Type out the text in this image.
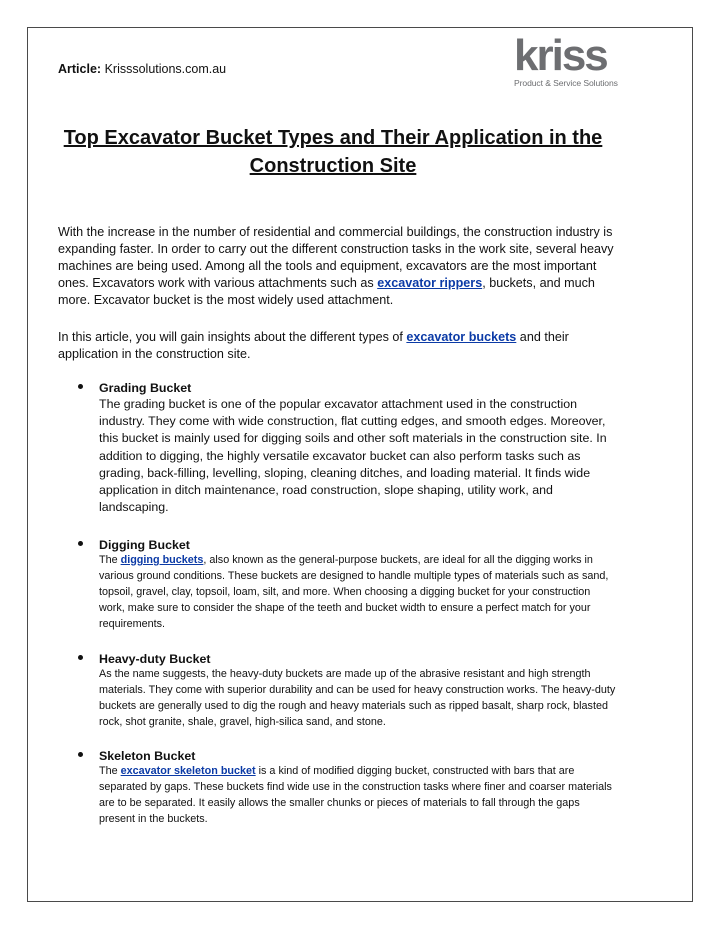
Article: Krisssolutions.com.au	kriss
Product & Service Solutions
Top Excavator Bucket Types and Their Application in the Construction Site

With the increase in the number of residential and commercial buildings, the construction industry is expanding faster. In order to carry out the different construction tasks in the work site, several heavy machines are being used. Among all the tools and equipment, excavators are the most important ones. Excavators work with various attachments such as excavator rippers, buckets, and much more. Excavator bucket is the most widely used attachment.

In this article, you will gain insights about the different types of excavator buckets and their application in the construction site.

Grading Bucket
The grading bucket is one of the popular excavator attachment used in the construction industry. They come with wide construction, flat cutting edges, and smooth edges. Moreover, this bucket is mainly used for digging soils and other soft materials in the construction site. In addition to digging, the highly versatile excavator bucket can also perform tasks such as grading, back-filling, levelling, sloping, cleaning ditches, and loading material. It finds wide application in ditch maintenance, road construction, slope shaping, utility work, and landscaping.
Digging Bucket
The digging buckets, also known as the general-purpose buckets, are ideal for all the digging works in various ground conditions. These buckets are designed to handle multiple types of materials such as sand, topsoil, gravel, clay, topsoil, loam, silt, and more. When choosing a digging bucket for your construction work, make sure to consider the shape of the teeth and bucket width to ensure a perfect match for your requirements.
Heavy-duty Bucket
As the name suggests, the heavy-duty buckets are made up of the abrasive resistant and high strength materials. They come with superior durability and can be used for heavy construction works. The heavy-duty buckets are generally used to dig the rough and heavy materials such as ripped basalt, sharp rock, blasted rock, shot granite, shale, gravel, high-silica sand, and stone.
Skeleton Bucket
The excavator skeleton bucket is a kind of modified digging bucket, constructed with bars that are separated by gaps. These buckets find wide use in the construction tasks where finer and coarser materials are to be separated. It easily allows the smaller chunks or pieces of materials to fall through the gaps present in the buckets.
